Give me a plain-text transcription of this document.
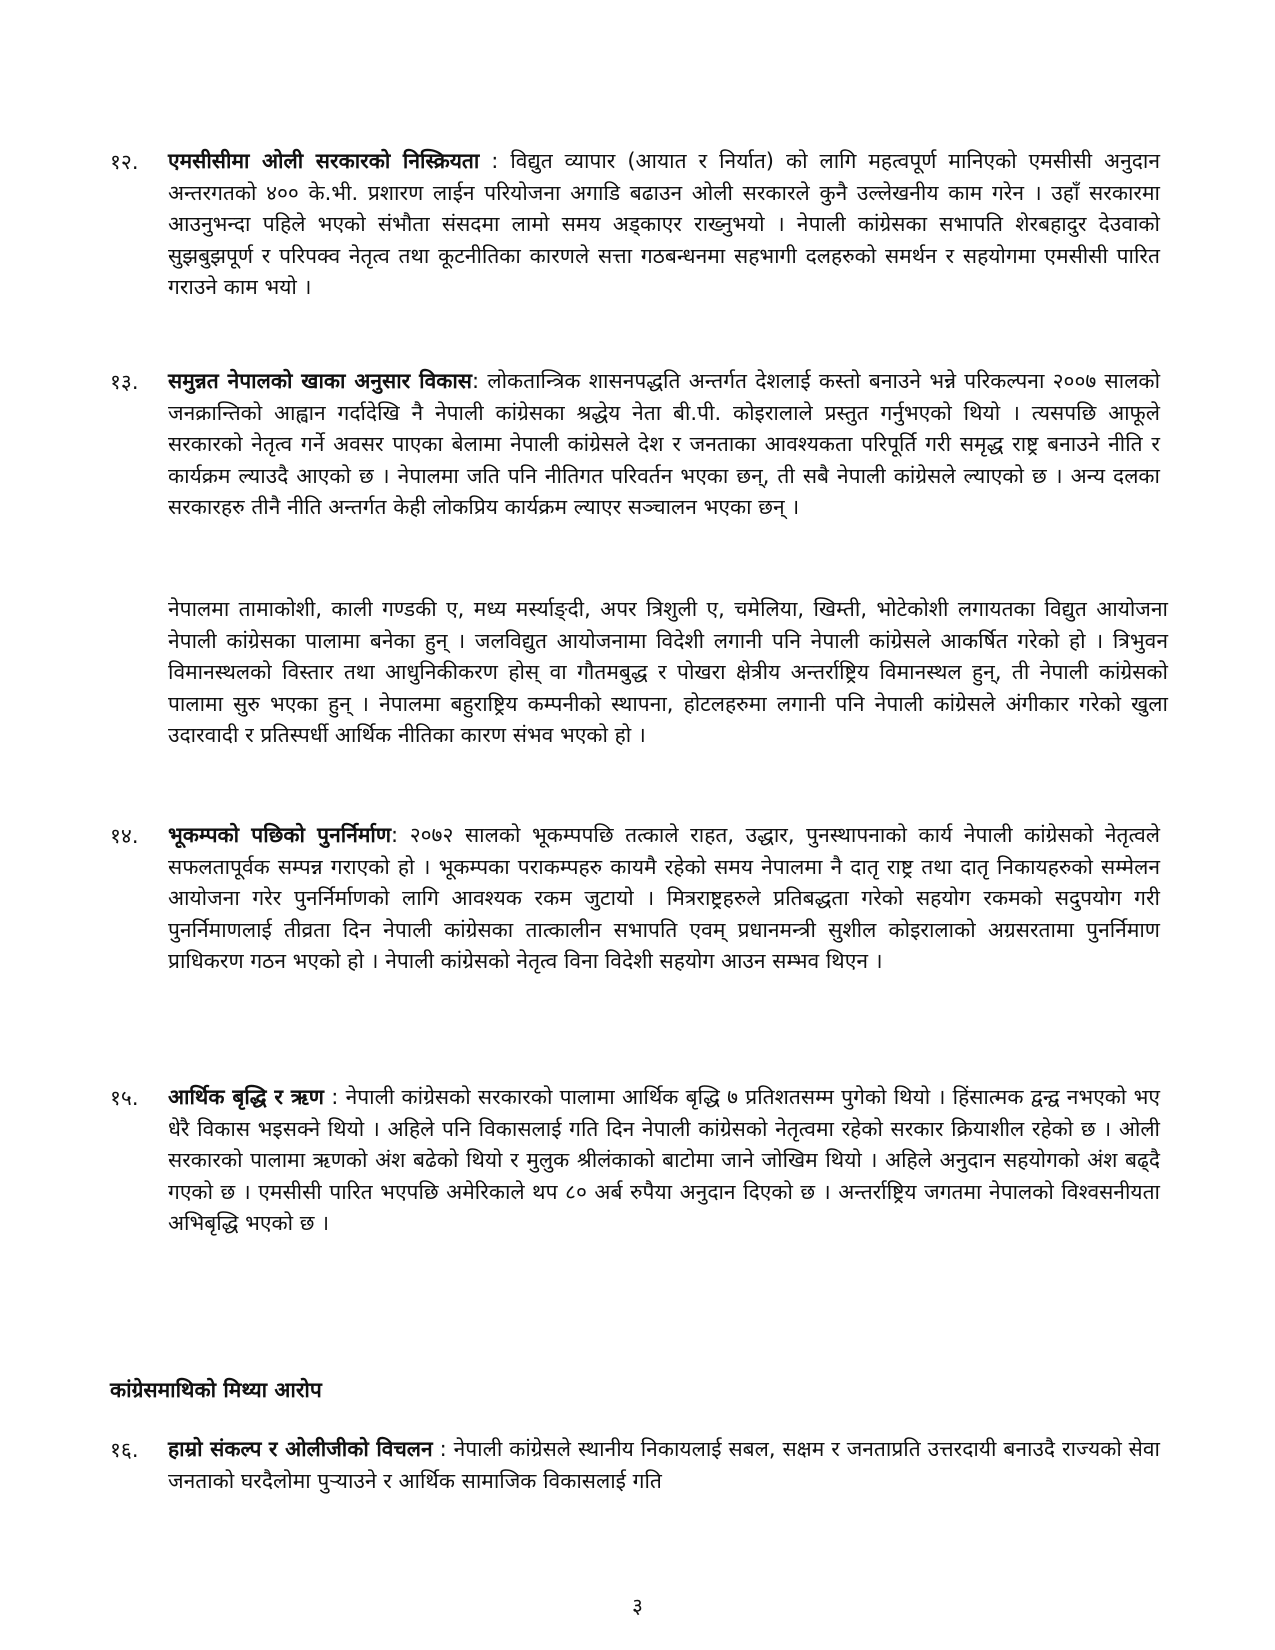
१२. एमसीसीमा ओली सरकारको निस्क्रियता : विद्युत व्यापार (आयात र निर्यात) को लागि महत्वपूर्ण मानिएको एमसीसी अनुदान अन्तरगतको ४०० के.भी. प्रशारण लाईन परियोजना अगाडि बढाउन ओली सरकारले कुनै उल्लेखनीय काम गरेन । उहाँ सरकारमा आउनुभन्दा पहिले भएको संभौता संसदमा लामो समय अड्काएर राख्नुभयो । नेपाली कांग्रेसका सभापति शेरबहादुर देउवाको सुझबुझपूर्ण र परिपक्व नेतृत्व तथा कूटनीतिका कारणले सत्ता गठबन्धनमा सहभागी दलहरुको समर्थन र सहयोगमा एमसीसी पारित गराउने काम भयो ।
१३. समुन्नत नेपालको खाका अनुसार विकास: लोकतान्त्रिक शासनपद्धति अन्तर्गत देशलाई कस्तो बनाउने भन्ने परिकल्पना २००७ सालको जनक्रान्तिको आह्वान गर्दादेखि नै नेपाली कांग्रेसका श्रद्धेय नेता बी.पी. कोइरालाले प्रस्तुत गर्नुभएको थियो । त्यसपछि आफूले सरकारको नेतृत्व गर्ने अवसर पाएका बेलामा नेपाली कांग्रेसले देश र जनताका आवश्यकता परिपूर्ति गरी समृद्ध राष्ट्र बनाउने नीति र कार्यक्रम ल्याउदै आएको छ । नेपालमा जति पनि नीतिगत परिवर्तन भएका छन्, ती सबै नेपाली कांग्रेसले ल्याएको छ । अन्य दलका सरकारहरु तीनै नीति अन्तर्गत केही लोकप्रिय कार्यक्रम ल्याएर सञ्चालन भएका छन् ।
नेपालमा तामाकोशी, काली गण्डकी ए, मध्य मर्स्याङ्दी, अपर त्रिशुली ए, चमेलिया, खिम्ती, भोटेकोशी लगायतका विद्युत आयोजना नेपाली कांग्रेसका पालामा बनेका हुन् । जलविद्युत आयोजनामा विदेशी लगानी पनि नेपाली कांग्रेसले आकर्षित गरेको हो । त्रिभुवन विमानस्थलको विस्तार तथा आधुनिकीकरण होस् वा गौतमबुद्ध र पोखरा क्षेत्रीय अन्तर्राष्ट्रिय विमानस्थल हुन्, ती नेपाली कांग्रेसको पालामा सुरु भएका हुन् । नेपालमा बहुराष्ट्रिय कम्पनीको स्थापना, होटलहरुमा लगानी पनि नेपाली कांग्रेसले अंगीकार गरेको खुला उदारवादी र प्रतिस्पर्धी आर्थिक नीतिका कारण संभव भएको हो ।
१४. भूकम्पको पछिको पुनर्निर्माण: २०७२ सालको भूकम्पपछि तत्काले राहत, उद्धार, पुनस्थापनाको कार्य नेपाली कांग्रेसको नेतृत्वले सफलतापूर्वक सम्पन्न गराएको हो । भूकम्पका पराकम्पहरु कायमै रहेको समय नेपालमा नै दातृ राष्ट्र तथा दातृ निकायहरुको सम्मेलन आयोजना गरेर पुनर्निर्माणको लागि आवश्यक रकम जुटायो । मित्रराष्ट्रहरुले प्रतिबद्धता गरेको सहयोग रकमको सदुपयोग गरी पुनर्निमाणलाई तीव्रता दिन नेपाली कांग्रेसका तात्कालीन सभापति एवम् प्रधानमन्त्री सुशील कोइरालाको अग्रसरतामा पुनर्निमाण प्राधिकरण गठन भएको हो । नेपाली कांग्रेसको नेतृत्व विना विदेशी सहयोग आउन सम्भव थिएन ।
१५. आर्थिक बृद्धि र ऋण : नेपाली कांग्रेसको सरकारको पालामा आर्थिक बृद्धि ७ प्रतिशतसम्म पुगेको थियो । हिंसात्मक द्वन्द्व नभएको भए धेरै विकास भइसक्ने थियो । अहिले पनि विकासलाई गति दिन नेपाली कांग्रेसको नेतृत्वमा रहेको सरकार क्रियाशील रहेको छ । ओली सरकारको पालामा ऋणको अंश बढेको थियो र मुलुक श्रीलंकाको बाटोमा जाने जोखिम थियो । अहिले अनुदान सहयोगको अंश बढ्दै गएको छ । एमसीसी पारित भएपछि अमेरिकाले थप ८० अर्ब रुपैया अनुदान दिएको छ । अन्तर्राष्ट्रिय जगतमा नेपालको विश्वसनीयता अभिबृद्धि भएको छ ।
कांग्रेसमाथिको मिथ्या आरोप
१६. हाम्रो संकल्प र ओलीजीको विचलन : नेपाली कांग्रेसले स्थानीय निकायलाई सबल, सक्षम र जनताप्रति उत्तरदायी बनाउदै राज्यको सेवा जनताको घरदैलोमा पुर्‍याउने र आर्थिक सामाजिक विकासलाई गति
३
